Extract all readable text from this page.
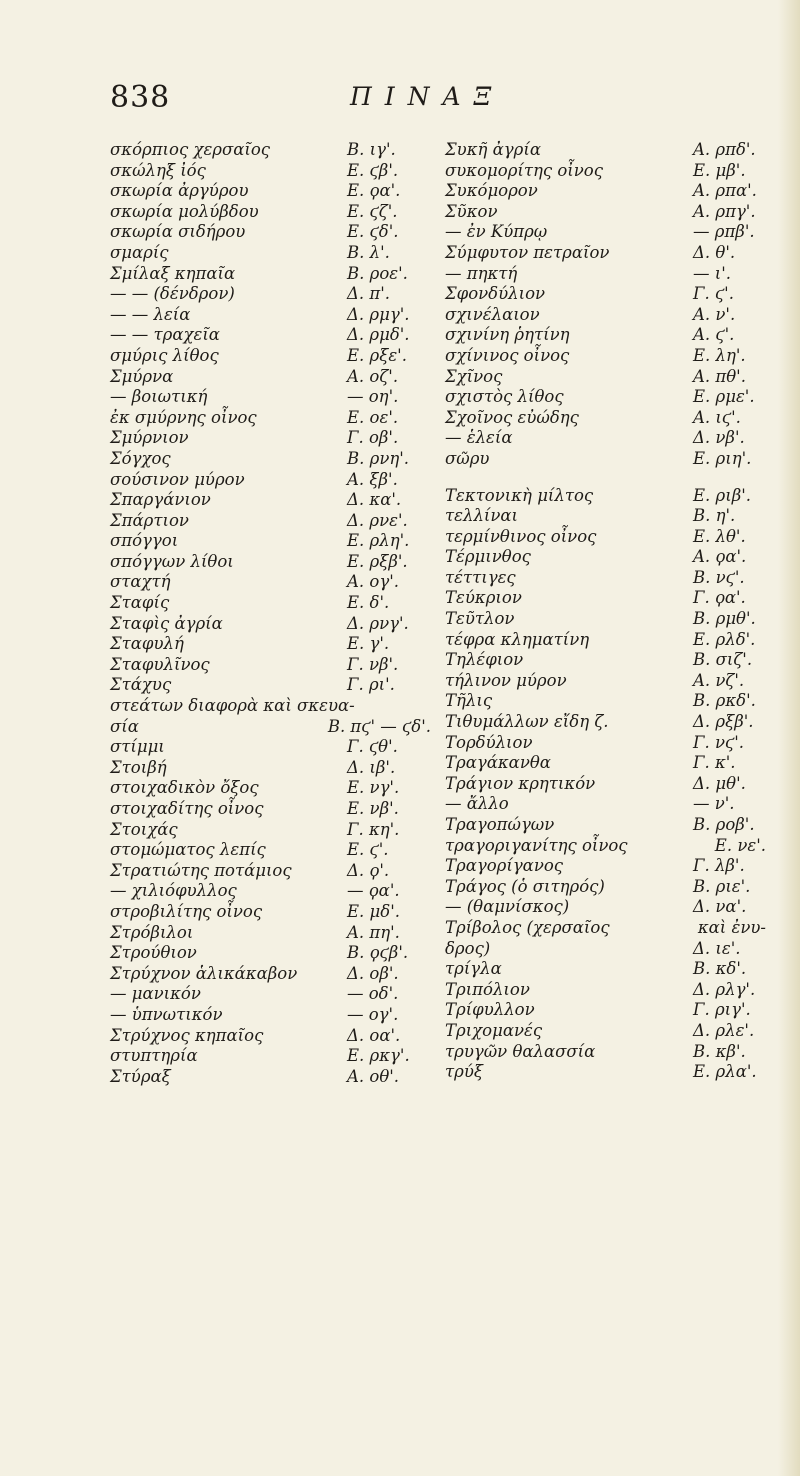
838	ΠΙΝΑΞ
σκόρπιος χερσαῖος	Β. ιγ'.
σκώληξ ἰός	Ε. ϛβ'.
σκωρία ἀργύρου	Ε. ϙα'.
σκωρία μολύβδου	Ε. ϛζ'.
σκωρία σιδήρου	Ε. ϛδ'.
σμαρίς	Β. λ'.
Σμίλαξ κηπαῖα	Β. ροε'.
— — (δένδρον)	Δ. π'.
— — λεία	Δ. ρμγ'.
— — τραχεῖα	Δ. ρμδ'.
σμύρις λίθος	Ε. ρξε'.
Σμύρνα	Α. οζ'.
— βοιωτική	— οη'.
ἐκ σμύρνης οἶνος	Ε. οε'.
Σμύρνιον	Γ. οβ'.
Σόγχος	Β. ρνη'.
σούσινον μύρον	Α. ξβ'.
Σπαργάνιον	Δ. κα'.
Σπάρτιον	Δ. ρνε'.
σπόγγοι	Ε. ρλη'.
σπόγγων λίθοι	Ε. ρξβ'.
σταχτή	Α. ογ'.
Σταφίς	Ε. δ'.
Σταφὶς ἀγρία	Δ. ρνγ'.
Σταφυλή	Ε. γ'.
Σταφυλῖνος	Γ. νβ'.
Στάχυς	Γ. ρι'.
στεάτων διαφορὰ καὶ σκευα-
σία	Β. πϛ' — ϛδ'.
στίμμι	Γ. ϛθ'.
Στοιβή	Δ. ιβ'.
στοιχαδικὸν ὄξος	Ε. νγ'.
στοιχαδίτης οἶνος	Ε. νβ'.
Στοιχάς	Γ. κη'.
στομώματος λεπίς	Ε. ϛ'.
Στρατιώτης ποτάμιος	Δ. ϙ'.
— χιλιόφυλλος	— ϙα'.
στροβιλίτης οἶνος	Ε. μδ'.
Στρόβιλοι	Α. πη'.
Στρούθιον	Β. ϙϛβ'.
Στρύχνον ἁλικάκαβον	Δ. οβ'.
— μανικόν	— οδ'.
— ὑπνωτικόν	— ογ'.
Στρύχνος κηπαῖος	Δ. οα'.
στυπτηρία	Ε. ρκγ'.
Στύραξ	Α. οθ'.
Συκῆ ἀγρία	Α. ρπδ'.
συκομορίτης οἶνος	Ε. μβ'.
Συκόμορον	Α. ρπα'.
Σῦκον	Α. ρπγ'.
— ἐν Κύπρῳ	— ρπβ'.
Σύμφυτον πετραῖον	Δ. θ'.
— πηκτή	— ι'.
Σφονδύλιον	Γ. ϛ'.
σχινέλαιον	Α. ν'.
σχινίνη ῥητίνη	Α. ϛ'.
σχίνινος οἶνος	Ε. λη'.
Σχῖνος	Α. πθ'.
σχιστὸς λίθος	Ε. ρμε'.
Σχοῖνος εὐώδης	Α. ιϛ'.
— ἑλεία	Δ. νβ'.
σῶρυ	Ε. ριη'.
Τεκτονικὴ μίλτος	Ε. ριβ'.
τελλίναι	Β. η'.
τερμίνθινος οἶνος	Ε. λθ'.
Τέρμινθος	Α. ϙα'.
τέττιγες	Β. νϛ'.
Τεύκριον	Γ. ϙα'.
Τεῦτλον	Β. ρμθ'.
τέφρα κληματίνη	Ε. ρλδ'.
Τηλέφιον	Β. σιζ'.
τήλινον μύρον	Α. νζ'.
Τῆλις	Β. ρκδ'.
Τιθυμάλλων εἴδη ζ.	Δ. ρξβ'.
Τορδύλιον	Γ. νϛ'.
Τραγάκανθα	Γ. κ'.
Τράγιον κρητικόν	Δ. μθ'.
— ἄλλο	— ν'.
Τραγοπώγων	Β. ροβ'.
τραγοριγανίτης οἶνος	Ε. νε'.
Τραγορίγανος	Γ. λβ'.
Τράγος (ὁ σιτηρός)	Β. ριε'.
— (θαμνίσκος)	Δ. να'.
Τρίβολος (χερσαῖος	καὶ ἐνυ-
δρος)	Δ. ιε'.
τρίγλα	Β. κδ'.
Τριπόλιον	Δ. ρλγ'.
Τρίφυλλον	Γ. ριγ'.
Τριχομανές	Δ. ρλε'.
τρυγῶν θαλασσία	Β. κβ'.
τρύξ	Ε. ρλα'.
